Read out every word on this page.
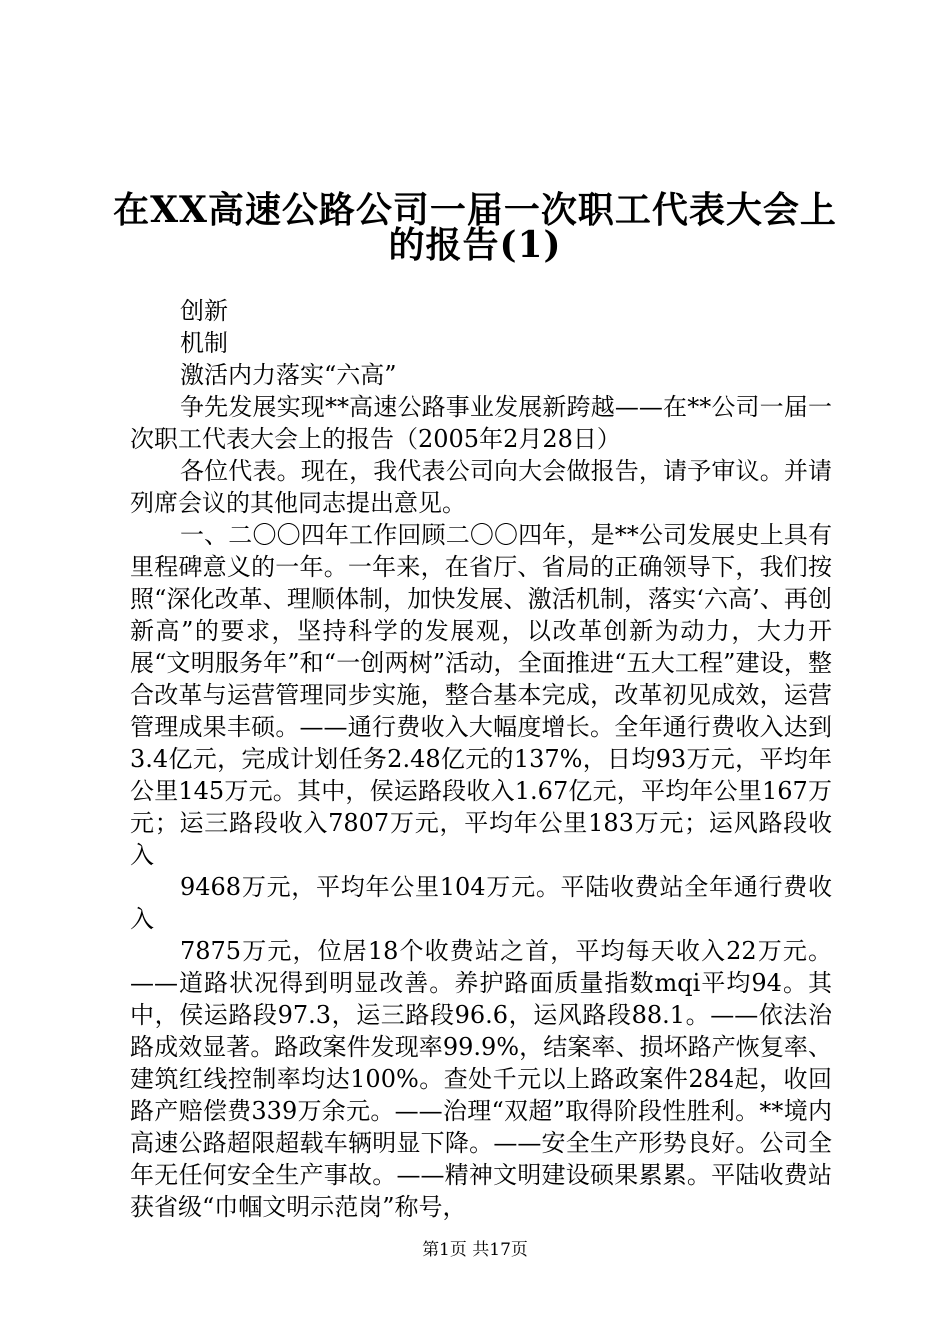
在XX高速公路公司一届一次职工代表大会上
的报告(1)

创新

机制

激活内力落实“六高”

争先发展实现**高速公路事业发展新跨越——在**公司一届一次职工代表大会上的报告（2005年2月28日）

各位代表。现在，我代表公司向大会做报告，请予审议。并请列席会议的其他同志提出意见。

一、二〇〇四年工作回顾二〇〇四年，是**公司发展史上具有里程碑意义的一年。一年来，在省厅、省局的正确领导下，我们按照“深化改革、理顺体制，加快发展、激活机制，落实‘六高’、再创新高”的要求，坚持科学的发展观，以改革创新为动力，大力开展“文明服务年”和“一创两树”活动，全面推进“五大工程”建设，整合改革与运营管理同步实施，整合基本完成，改革初见成效，运营管理成果丰硕。——通行费收入大幅度增长。全年通行费收入达到3.4亿元，完成计划任务2.48亿元的137%，日均93万元，平均年公里145万元。其中，侯运路段收入1.67亿元，平均年公里167万元；运三路段收入7807万元，平均年公里183万元；运风路段收入

9468万元，平均年公里104万元。平陆收费站全年通行费收入

7875万元，位居18个收费站之首，平均每天收入22万元。——道路状况得到明显改善。养护路面质量指数mqi平均94。其中，侯运路段97.3，运三路段96.6，运风路段88.1。——依法治路成效显著。路政案件发现率99.9%，结案率、损坏路产恢复率、建筑红线控制率均达100%。查处千元以上路政案件284起，收回路产赔偿费339万余元。——治理“双超”取得阶段性胜利。**境内高速公路超限超载车辆明显下降。——安全生产形势良好。公司全年无任何安全生产事故。——精神文明建设硕果累累。平陆收费站获省级“巾帼文明示范岗”称号，

第1页 共17页
